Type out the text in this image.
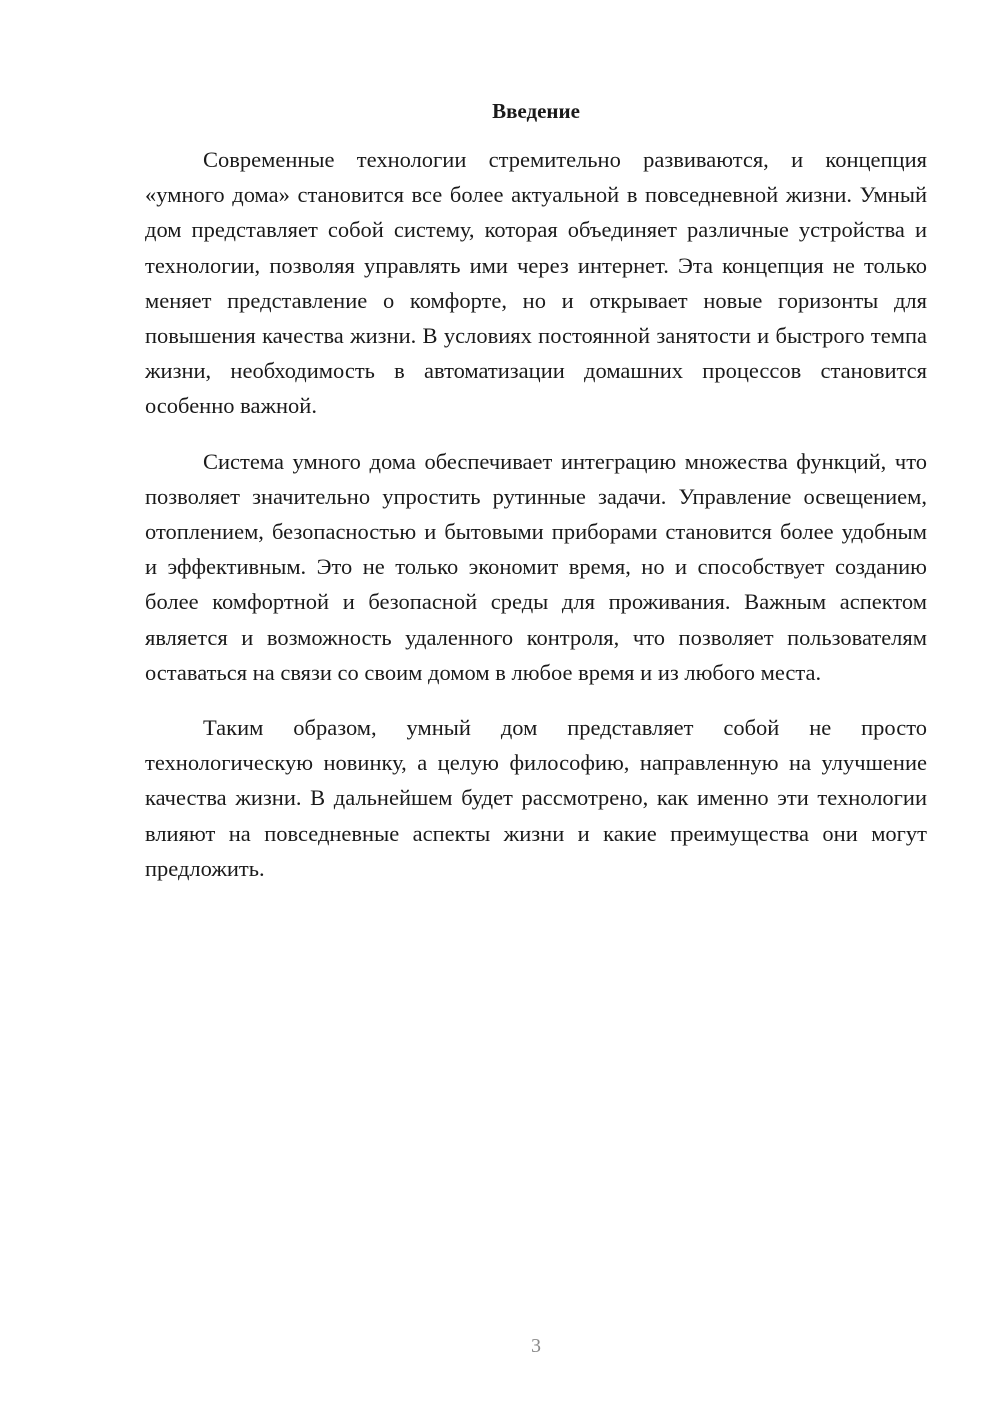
Введение

Современные технологии стремительно развиваются, и концепция «умного дома» становится все более актуальной в повседневной жизни. Умный дом представляет собой систему, которая объединяет различные устройства и технологии, позволяя управлять ими через интернет. Эта концепция не только меняет представление о комфорте, но и открывает новые горизонты для повышения качества жизни. В условиях постоянной занятости и быстрого темпа жизни, необходимость в автоматизации домашних процессов становится особенно важной.

Система умного дома обеспечивает интеграцию множества функций, что позволяет значительно упростить рутинные задачи. Управление освещением, отоплением, безопасностью и бытовыми приборами становится более удобным и эффективным. Это не только экономит время, но и способствует созданию более комфортной и безопасной среды для проживания. Важным аспектом является и возможность удаленного контроля, что позволяет пользователям оставаться на связи со своим домом в любое время и из любого места.

Таким образом, умный дом представляет собой не просто технологическую новинку, а целую философию, направленную на улучшение качества жизни. В дальнейшем будет рассмотрено, как именно эти технологии влияют на повседневные аспекты жизни и какие преимущества они могут предложить.

3
